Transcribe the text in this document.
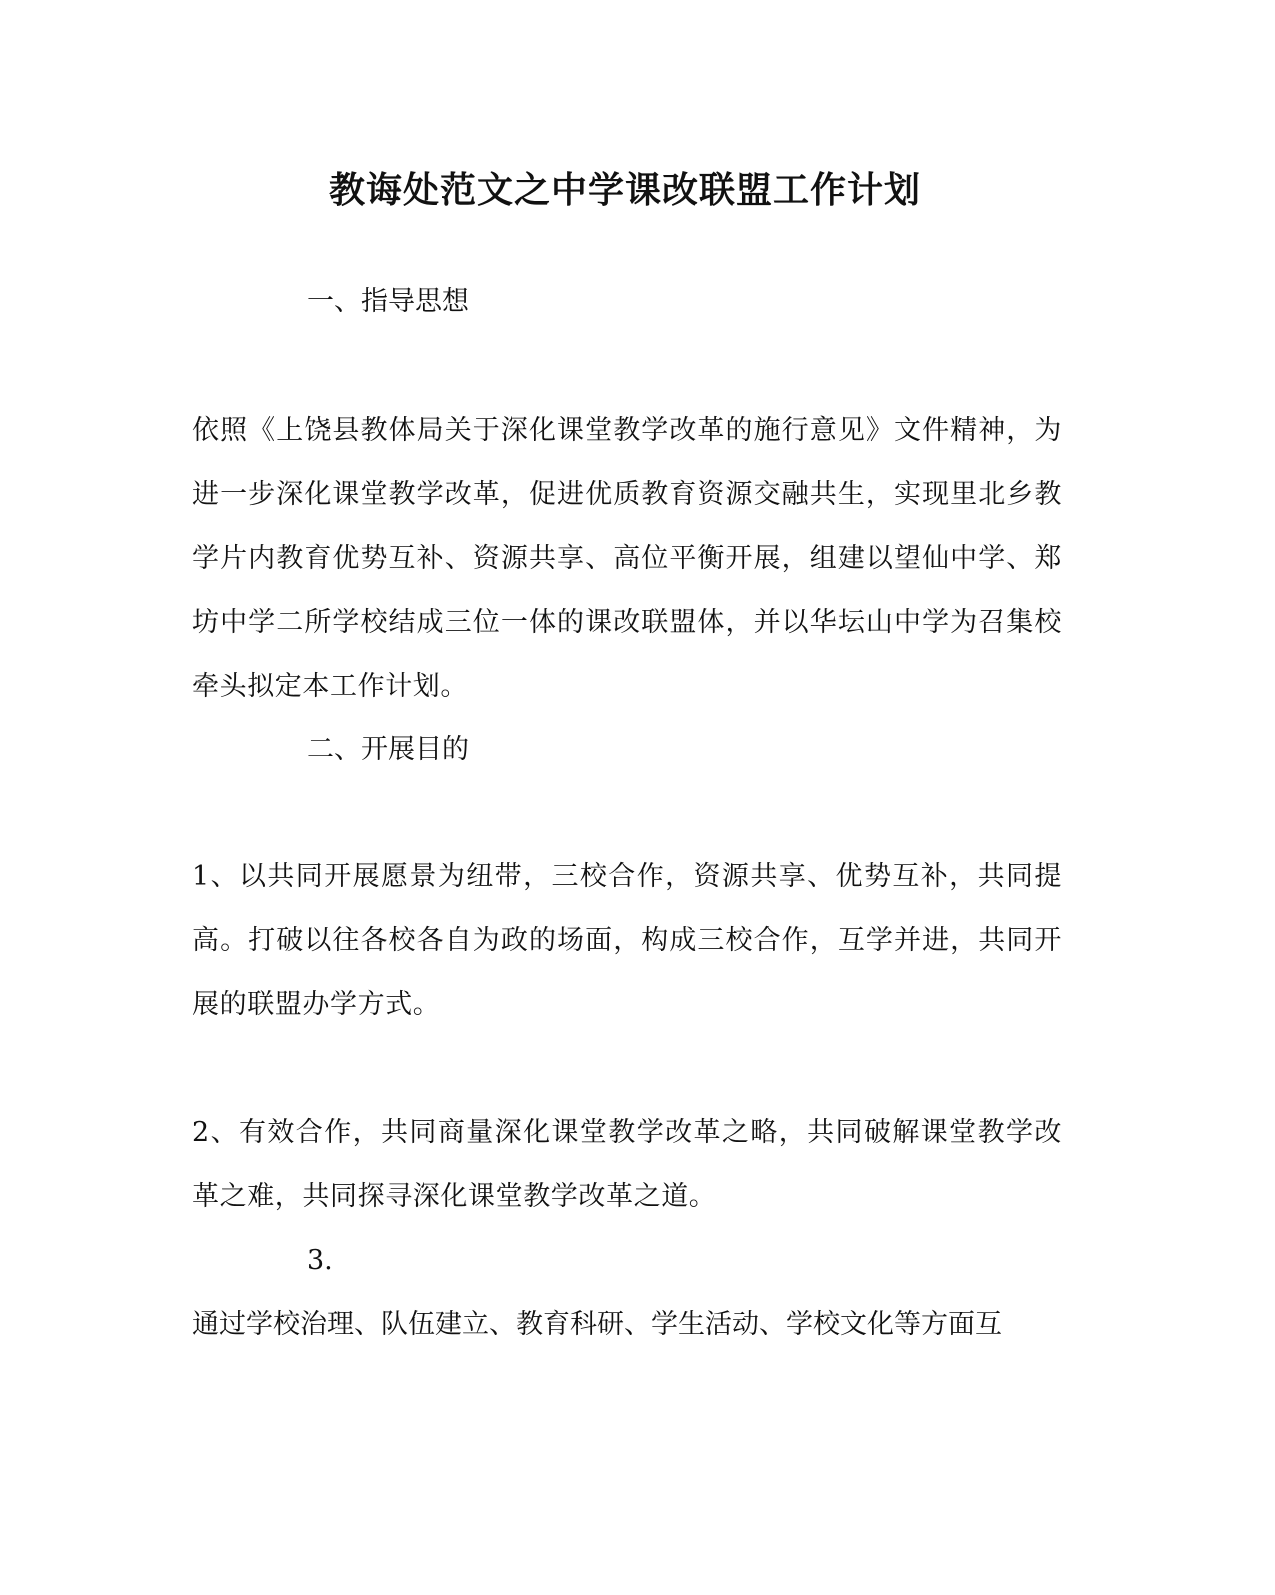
教诲处范文之中学课改联盟工作计划
一、指导思想
依照《上饶县教体局关于深化课堂教学改革的施行意见》文件精神，为进一步深化课堂教学改革，促进优质教育资源交融共生，实现里北乡教学片内教育优势互补、资源共享、高位平衡开展，组建以望仙中学、郑坊中学二所学校结成三位一体的课改联盟体，并以华坛山中学为召集校牵头拟定本工作计划。
二、开展目的
1、以共同开展愿景为纽带，三校合作，资源共享、优势互补，共同提高。打破以往各校各自为政的场面，构成三校合作，互学并进，共同开展的联盟办学方式。
2、有效合作，共同商量深化课堂教学改革之略，共同破解课堂教学改革之难，共同探寻深化课堂教学改革之道。
3.
通过学校治理、队伍建立、教育科研、学生活动、学校文化等方面互
